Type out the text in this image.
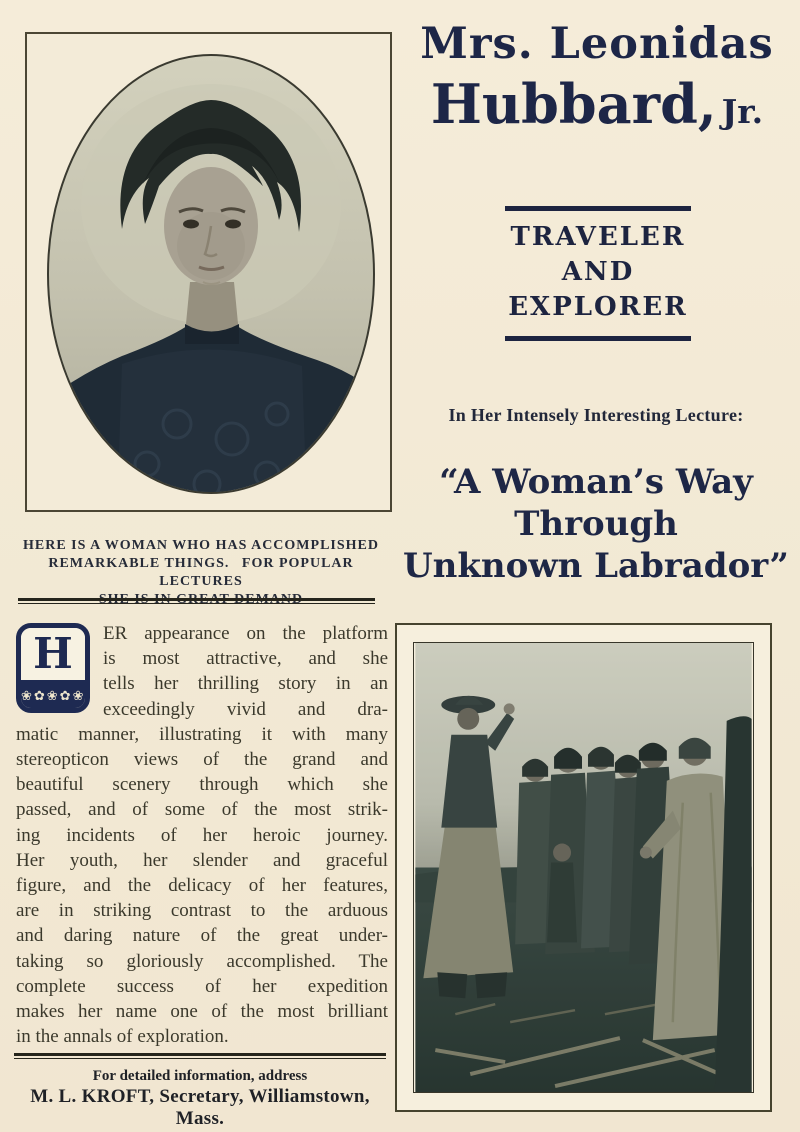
HERE IS A WOMAN WHO HAS ACCOMPLISHED
REMARKABLE THINGS.  FOR POPULAR LECTURES
SHE IS IN GREAT DEMAND
H
❀✿❀✿❀
ER appearance on the platform
is most attractive, and she
tells her thrilling story in an
exceedingly vivid and dra-
matic manner, illustrating it with many
stereopticon views of the grand and
beautiful scenery through which she
passed, and of some of the most strik-
ing incidents of her heroic journey.
Her youth, her slender and graceful
figure, and the delicacy of her features,
are in striking contrast to the arduous
and daring nature of the great under-
taking so gloriously accomplished. The
complete success of her expedition
makes her name one of the most brilliant
in the annals of exploration.
For detailed information, address
M. L. KROFT, Secretary, Williamstown, Mass.
Mrs. Leonidas
Hubbard, Jr.
TRAVELER
AND
EXPLORER
In Her Intensely Interesting Lecture:
“A Woman’s Way
Through
Unknown Labrador”
